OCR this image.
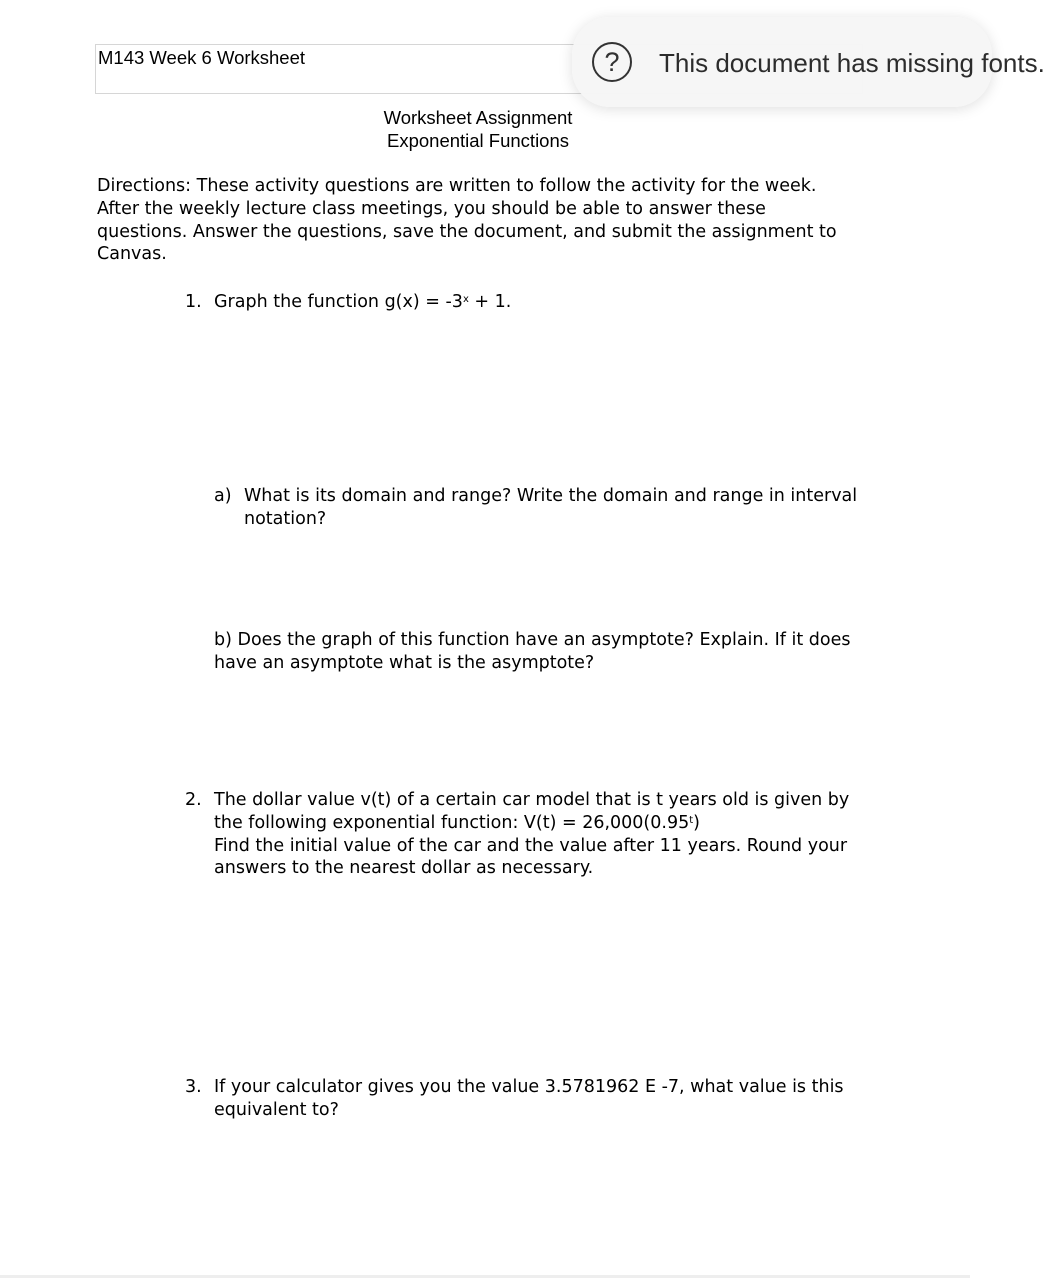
M143 Week 6 Worksheet	?	This document has missing fonts.
Worksheet Assignment
Exponential Functions
Directions: These activity questions are written to follow the activity for the week.
After the weekly lecture class meetings, you should be able to answer these
questions. Answer the questions, save the document, and submit the assignment to
Canvas.
1. Graph the function $g(x) = -3^x + 1$.
a) What is its domain and range? Write the domain and range in interval
notation?
b) Does the graph of this function have an asymptote? Explain. If it does
have an asymptote what is the asymptote?
2. The dollar value v(t) of a certain car model that is t years old is given by
the following exponential function: $V(t) = 26,000(0.95^t)$
Find the initial value of the car and the value after 11 years. Round your
answers to the nearest dollar as necessary.
3. If your calculator gives you the value 3.5781962 E -7, what value is this
equivalent to?
